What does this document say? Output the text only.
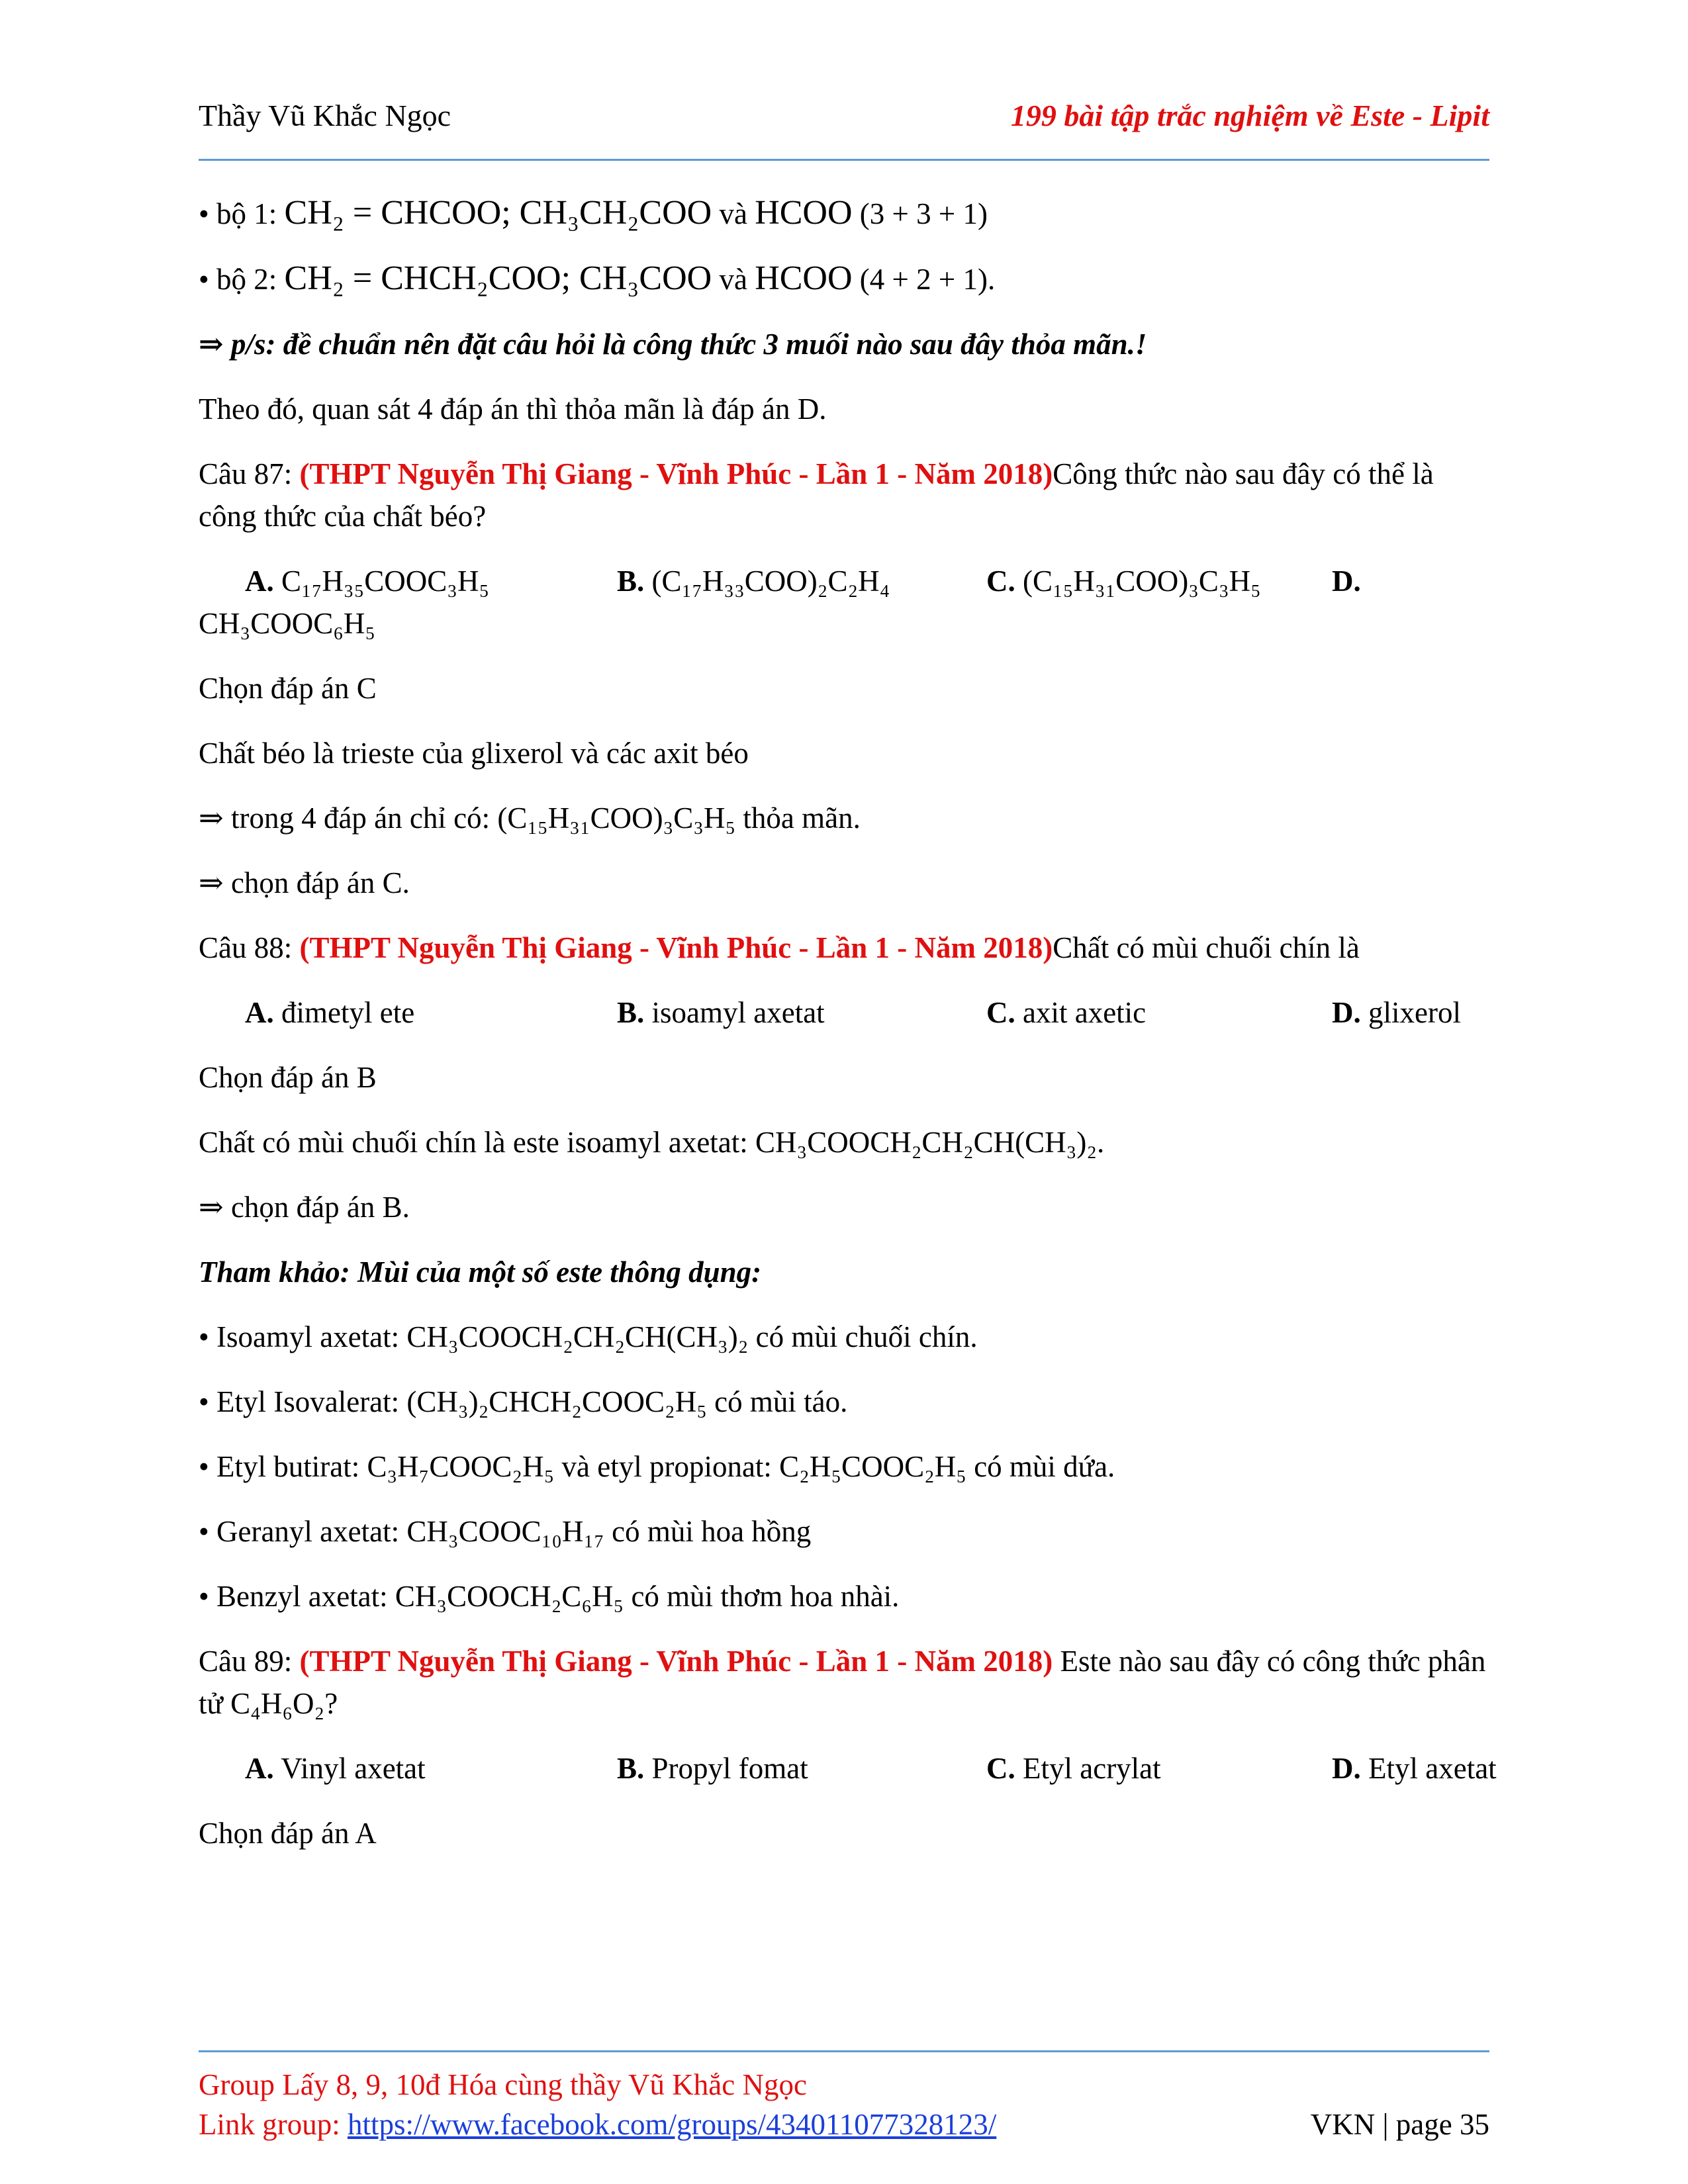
Thầy Vũ Khắc Ngọc	199 bài tập trắc nghiệm về Este - Lipit
• bộ 1: CH₂ = CHCOO; CH₃CH₂COO và HCOO (3 + 3 + 1)
• bộ 2: CH₂ = CHCH₂COO; CH₃COO và HCOO (4 + 2 + 1).
⇒ p/s: đề chuẩn nên đặt câu hỏi là công thức 3 muối nào sau đây thỏa mãn.!
Theo đó, quan sát 4 đáp án thì thỏa mãn là đáp án D.
Câu 87: (THPT Nguyễn Thị Giang - Vĩnh Phúc - Lần 1 - Năm 2018)Công thức nào sau đây có thể là công thức của chất béo?
A. C₁₇H₃₅COOC₃H₅	B. (C₁₇H₃₃COO)₂C₂H₄	C. (C₁₅H₃₁COO)₃C₃H₅ D.
CH₃COOC₆H₅
Chọn đáp án C
Chất béo là trieste của glixerol và các axit béo
⇒ trong 4 đáp án chỉ có: (C₁₅H₃₁COO)₃C₃H₅ thỏa mãn.
⇒ chọn đáp án C.
Câu 88: (THPT Nguyễn Thị Giang - Vĩnh Phúc - Lần 1 - Năm 2018)Chất có mùi chuối chín là
A. đimetyl ete	B. isoamyl axetat	C. axit axetic	D. glixerol
Chọn đáp án B
Chất có mùi chuối chín là este isoamyl axetat: CH₃COOCH₂CH₂CH(CH₃)₂.
⇒ chọn đáp án B.
Tham khảo: Mùi của một số este thông dụng:
• Isoamyl axetat: CH₃COOCH₂CH₂CH(CH₃)₂ có mùi chuối chín.
• Etyl Isovalerat: (CH₃)₂CHCH₂COOC₂H₅ có mùi táo.
• Etyl butirat: C₃H₇COOC₂H₅ và etyl propionat: C₂H₅COOC₂H₅ có mùi dứa.
• Geranyl axetat: CH₃COOC₁₀H₁₇ có mùi hoa hồng
• Benzyl axetat: CH₃COOCH₂C₆H₅ có mùi thơm hoa nhài.
Câu 89: (THPT Nguyễn Thị Giang - Vĩnh Phúc - Lần 1 - Năm 2018) Este nào sau đây có công thức phân tử C₄H₆O₂?
A. Vinyl axetat	B. Propyl fomat	C. Etyl acrylat	D. Etyl axetat
Chọn đáp án A
Group Lấy 8, 9, 10đ Hóa cùng thầy Vũ Khắc Ngọc
Link group: https://www.facebook.com/groups/434011077328123/	VKN | page 35
